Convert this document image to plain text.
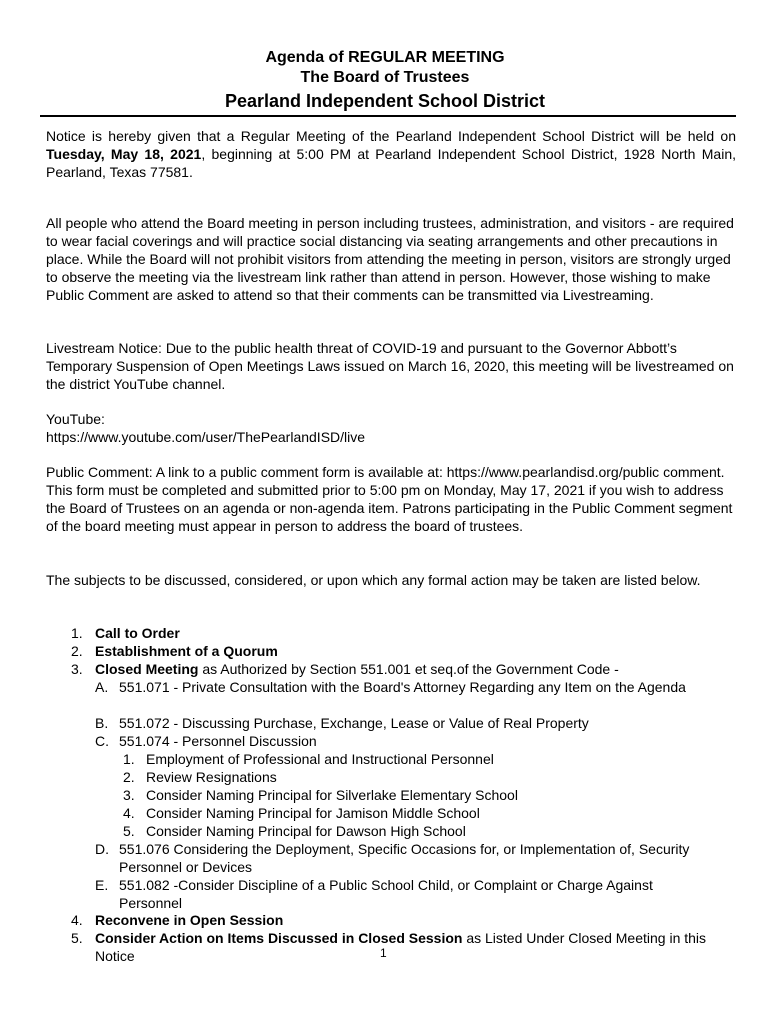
Agenda of REGULAR MEETING
The Board of Trustees
Pearland Independent School District
Notice is hereby given that a Regular Meeting of the Pearland Independent School District will be held on Tuesday, May 18, 2021, beginning at 5:00 PM at Pearland Independent School District, 1928 North Main, Pearland, Texas 77581.
All people who attend the Board meeting in person including trustees, administration, and visitors - are required to wear facial coverings and will practice social distancing via seating arrangements and other precautions in place. While the Board will not prohibit visitors from attending the meeting in person, visitors are strongly urged to observe the meeting via the livestream link rather than attend in person. However, those wishing to make Public Comment are asked to attend so that their comments can be transmitted via Livestreaming.
Livestream Notice: Due to the public health threat of COVID-19 and pursuant to the Governor Abbott’s Temporary Suspension of Open Meetings Laws issued on March 16, 2020, this meeting will be livestreamed on the district YouTube channel.
YouTube:
https://www.youtube.com/user/ThePearlandISD/live
Public Comment: A link to a public comment form is available at: https://www.pearlandisd.org/public comment. This form must be completed and submitted prior to 5:00 pm on Monday, May 17, 2021 if you wish to address the Board of Trustees on an agenda or non-agenda item. Patrons participating in the Public Comment segment of the board meeting must appear in person to address the board of trustees.
The subjects to be discussed, considered, or upon which any formal action may be taken are listed below.
1. Call to Order
2. Establishment of a Quorum
3. Closed Meeting as Authorized by Section 551.001 et seq.of the Government Code -
A. 551.071 - Private Consultation with the Board's Attorney Regarding any Item on the Agenda
B. 551.072 - Discussing Purchase, Exchange, Lease or Value of Real Property
C. 551.074 - Personnel Discussion
1. Employment of Professional and Instructional Personnel
2. Review Resignations
3. Consider Naming Principal for Silverlake Elementary School
4. Consider Naming Principal for Jamison Middle School
5. Consider Naming Principal for Dawson High School
D. 551.076 Considering the Deployment, Specific Occasions for, or Implementation of, Security Personnel or Devices
E. 551.082 -Consider Discipline of a Public School Child, or Complaint or Charge Against Personnel
4. Reconvene in Open Session
5. Consider Action on Items Discussed in Closed Session as Listed Under Closed Meeting in this Notice	1
